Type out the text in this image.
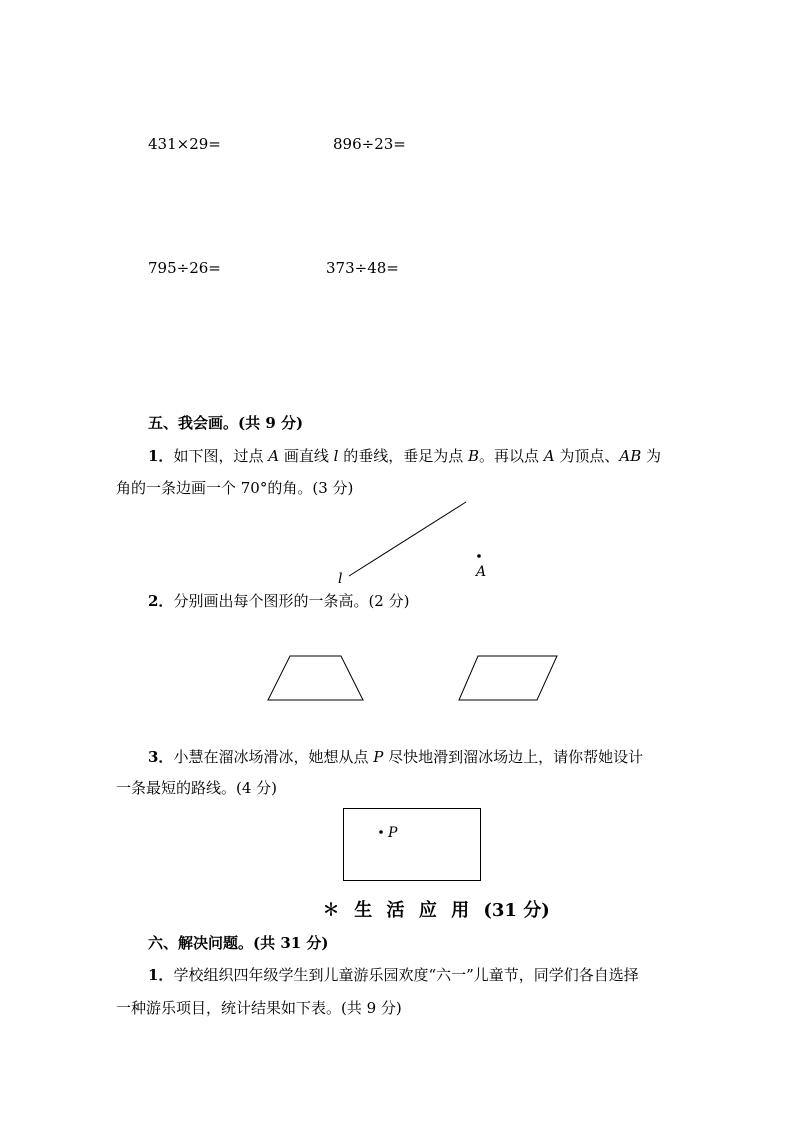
431×29=	896÷23=
795÷26=	373÷48=
五、我会画。(共 9 分)
1．如下图，过点 A 画直线 l 的垂线，垂足为点 B。再以点 A 为顶点、AB 为
角的一条边画一个 70°的角。(3 分)
l	A
2．分别画出每个图形的一条高。(2 分)
3．小慧在溜冰场滑冰，她想从点 P 尽快地滑到溜冰场边上，请你帮她设计
一条最短的路线。(4 分)
P
✽ 生 活 应 用 (31 分)
六、解决问题。(共 31 分)
1．学校组织四年级学生到儿童游乐园欢度“六一”儿童节，同学们各自选择
一种游乐项目，统计结果如下表。(共 9 分)
